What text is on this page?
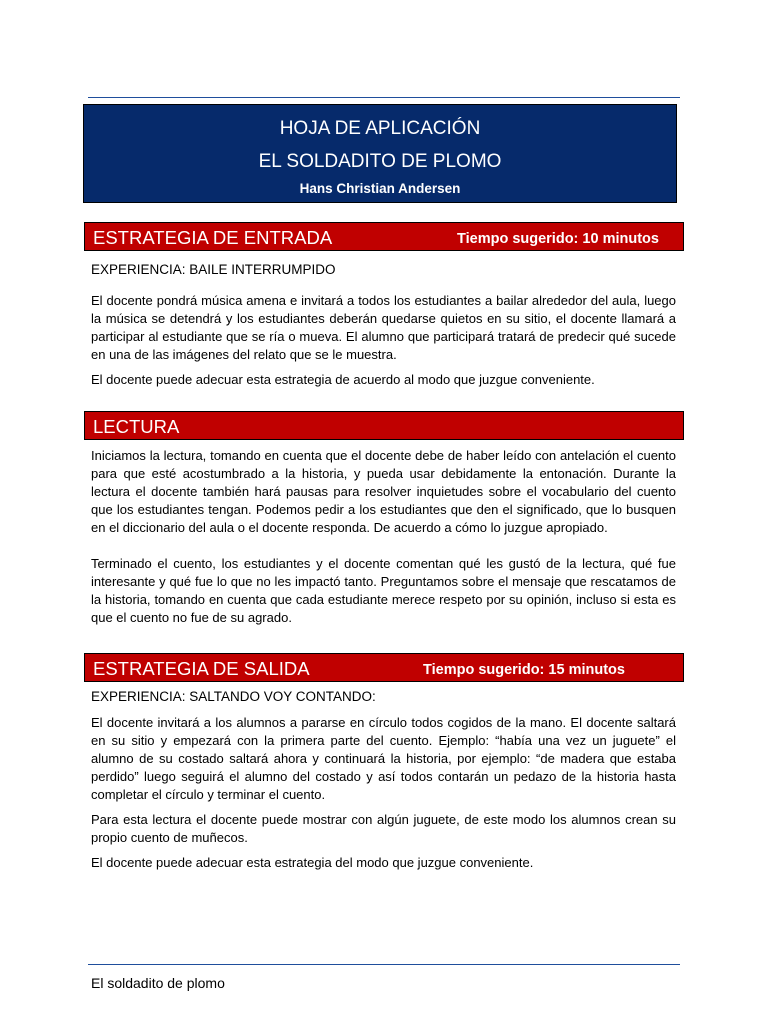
HOJA DE APLICACIÓN
EL SOLDADITO DE PLOMO
Hans Christian Andersen
ESTRATEGIA DE ENTRADA	Tiempo sugerido: 10 minutos
EXPERIENCIA: BAILE INTERRUMPIDO

El docente pondrá música amena e invitará a todos los estudiantes a bailar alrededor del aula, luego la música se detendrá y los estudiantes deberán quedarse quietos en su sitio, el docente llamará a participar al estudiante que se ría o mueva. El alumno que participará tratará de predecir qué sucede en una de las imágenes del relato que se le muestra.

El docente puede adecuar esta estrategia de acuerdo al modo que juzgue conveniente.

LECTURA

Iniciamos la lectura, tomando en cuenta que el docente debe de haber leído con antelación el cuento para que esté acostumbrado a la historia, y pueda usar debidamente la entonación. Durante la lectura el docente también hará pausas para resolver inquietudes sobre el vocabulario del cuento que los estudiantes tengan. Podemos pedir a los estudiantes que den el significado, que lo busquen en el diccionario del aula o el docente responda. De acuerdo a cómo lo juzgue apropiado.

Terminado el cuento, los estudiantes y el docente comentan qué les gustó de la lectura, qué fue interesante y qué fue lo que no les impactó tanto. Preguntamos sobre el mensaje que rescatamos de la historia, tomando en cuenta que cada estudiante merece respeto por su opinión, incluso si esta es que el cuento no fue de su agrado.

ESTRATEGIA DE SALIDA	Tiempo sugerido: 15 minutos
EXPERIENCIA: SALTANDO VOY CONTANDO:

El docente invitará a los alumnos a pararse en círculo todos cogidos de la mano. El docente saltará en su sitio y empezará con la primera parte del cuento. Ejemplo: “había una vez un juguete” el alumno de su costado saltará ahora y continuará la historia, por ejemplo: “de madera que estaba perdido” luego seguirá el alumno del costado y así todos contarán un pedazo de la historia hasta completar el círculo y terminar el cuento.

Para esta lectura el docente puede mostrar con algún juguete, de este modo los alumnos crean su propio cuento de muñecos.

El docente puede adecuar esta estrategia del modo que juzgue conveniente.

El soldadito de plomo
